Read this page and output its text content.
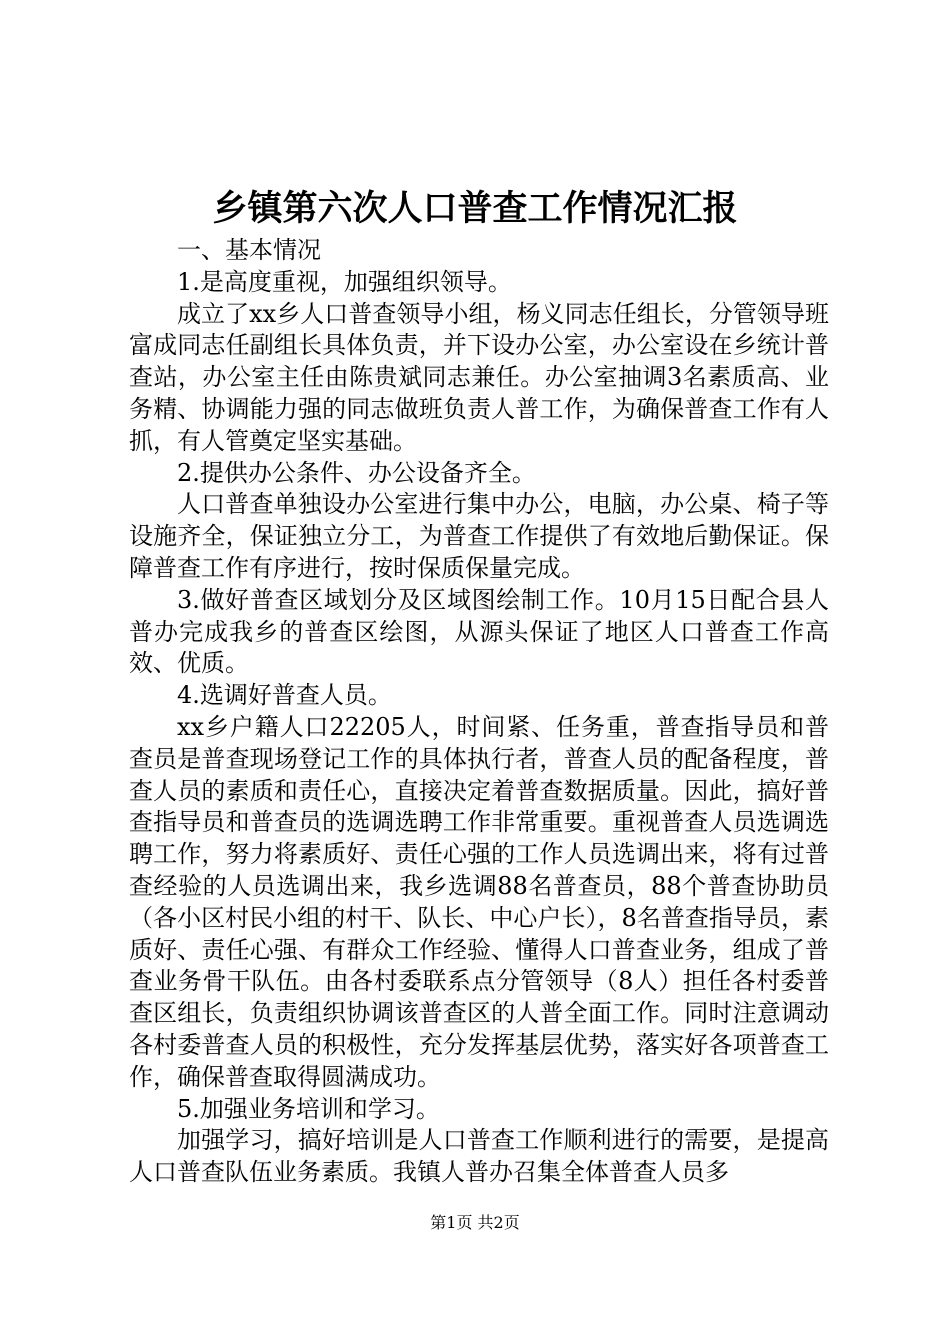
乡镇第六次人口普查工作情况汇报

一、基本情况

1.是高度重视，加强组织领导。

成立了xx乡人口普查领导小组，杨义同志任组长，分管领导班富成同志任副组长具体负责，并下设办公室，办公室设在乡统计普查站，办公室主任由陈贵斌同志兼任。办公室抽调3名素质高、业务精、协调能力强的同志做班负责人普工作，为确保普查工作有人抓，有人管奠定坚实基础。

2.提供办公条件、办公设备齐全。

人口普查单独设办公室进行集中办公，电脑，办公桌、椅子等设施齐全，保证独立分工，为普查工作提供了有效地后勤保证。保障普查工作有序进行，按时保质保量完成。

3.做好普查区域划分及区域图绘制工作。10月15日配合县人普办完成我乡的普查区绘图，从源头保证了地区人口普查工作高效、优质。

4.选调好普查人员。

xx乡户籍人口22205人，时间紧、任务重，普查指导员和普查员是普查现场登记工作的具体执行者，普查人员的配备程度，普查人员的素质和责任心，直接决定着普查数据质量。因此，搞好普查指导员和普查员的选调选聘工作非常重要。重视普查人员选调选聘工作，努力将素质好、责任心强的工作人员选调出来，将有过普查经验的人员选调出来，我乡选调88名普查员，88个普查协助员（各小区村民小组的村干、队长、中心户长），8名普查指导员，素质好、责任心强、有群众工作经验、懂得人口普查业务，组成了普查业务骨干队伍。由各村委联系点分管领导（8人）担任各村委普查区组长，负责组织协调该普查区的人普全面工作。同时注意调动各村委普查人员的积极性，充分发挥基层优势，落实好各项普查工作，确保普查取得圆满成功。

5.加强业务培训和学习。

加强学习，搞好培训是人口普查工作顺利进行的需要，是提高人口普查队伍业务素质。我镇人普办召集全体普查人员多

第1页 共2页
